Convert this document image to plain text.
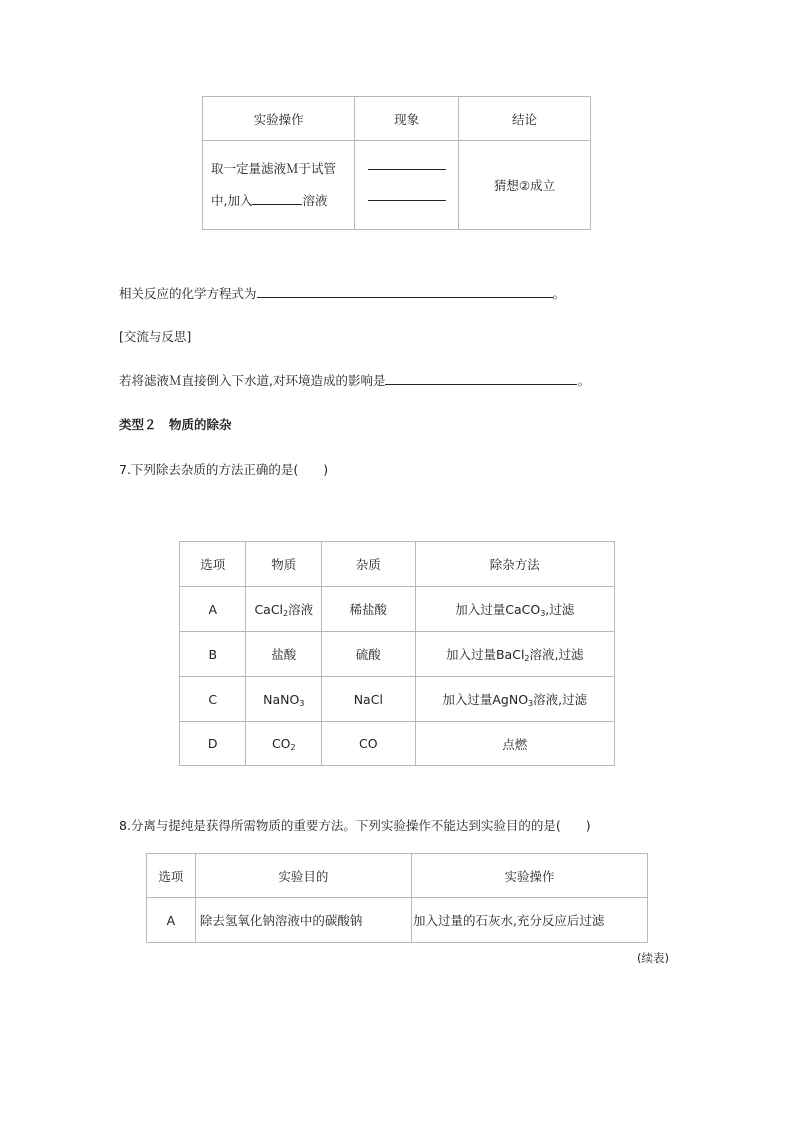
实验操作	现象	结论

取一定量滤液Ｍ于试管
中,加入 溶液		猜想②成立
相关反应的化学方程式为	。
[交流与反思]
若将滤液Ｍ直接倒入下水道,对环境造成的影响是	。
类型２　物质的除杂
7.下列除去杂质的方法正确的是(　　)
选项	物质	杂质	除杂方法
A	CaCl$_2$溶液	稀盐酸	加入过量CaCO$_3$,过滤
B	盐酸	硫酸	加入过量BaCl$_2$溶液,过滤
C	NaNO$_3$	NaCl	加入过量AgNO$_3$溶液,过滤
D	$CO_2$	CO	点燃
8.分离与提纯是获得所需物质的重要方法。下列实验操作不能达到实验目的的是(　　)
选项	实验目的	实验操作
A	除去氢氧化钠溶液中的碳酸钠	加入过量的石灰水,充分反应后过滤
(续表)
